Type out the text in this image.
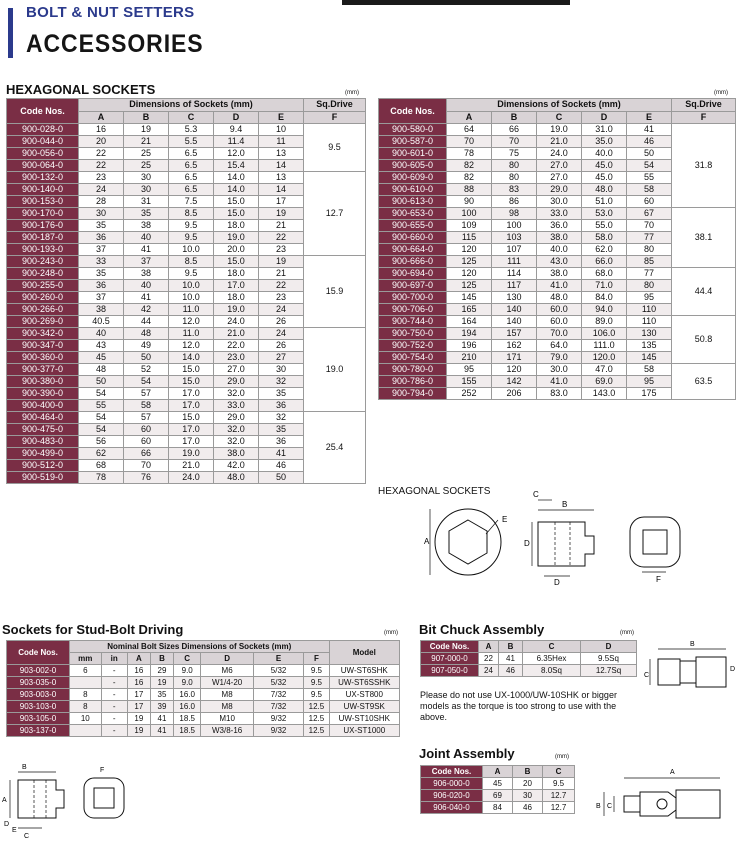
BOLT & NUT SETTERS
ACCESSORIES
HEXAGONAL SOCKETS	(mm)	(mm)
Code Nos.	Dimensions of Sockets (mm)					Sq.Drive
	A	B	C	D	E	F
900-028-0	16	19	5.3	9.4	10	9.5
900-044-0	20	21	5.5	11.4	11	
900-056-0	22	25	6.5	12.0	13	
900-064-0	22	25	6.5	15.4	14	
900-132-0	23	30	6.5	14.0	13	12.7
900-140-0	24	30	6.5	14.0	14	
900-153-0	28	31	7.5	15.0	17	
900-170-0	30	35	8.5	15.0	19	
900-176-0	35	38	9.5	18.0	21	
900-187-0	36	40	9.5	19.0	22	
900-193-0	37	41	10.0	20.0	23	
900-243-0	33	37	8.5	15.0	19	15.9
900-248-0	35	38	9.5	18.0	21	
900-255-0	36	40	10.0	17.0	22	
900-260-0	37	41	10.0	18.0	23	
900-266-0	38	42	11.0	19.0	24	
900-269-0	40.5	44	12.0	24.0	26	
900-342-0	40	48	11.0	21.0	24	19.0
900-347-0	43	49	12.0	22.0	26	
900-360-0	45	50	14.0	23.0	27	
900-377-0	48	52	15.0	27.0	30	
900-380-0	50	54	15.0	29.0	32	
900-390-0	54	57	17.0	32.0	35	
900-400-0	55	58	17.0	33.0	36	
900-464-0	54	57	15.0	29.0	32	25.4
900-475-0	54	60	17.0	32.0	35	
900-483-0	56	60	17.0	32.0	36	
900-499-0	62	66	19.0	38.0	41	
900-512-0	68	70	21.0	42.0	46	
900-519-0	78	76	24.0	48.0	50	
Code Nos.	Dimensions of Sockets (mm)					Sq.Drive
	A	B	C	D	E	F
900-580-0	64	66	19.0	31.0	41	31.8
900-587-0	70	70	21.0	35.0	46	
900-601-0	78	75	24.0	40.0	50	
900-605-0	82	80	27.0	45.0	54	
900-609-0	82	80	27.0	45.0	55	
900-610-0	88	83	29.0	48.0	58	
900-613-0	90	86	30.0	51.0	60	
900-653-0	100	98	33.0	53.0	67	38.1
900-655-0	109	100	36.0	55.0	70	
900-660-0	115	103	38.0	58.0	77	
900-664-0	120	107	40.0	62.0	80	
900-666-0	125	111	43.0	66.0	85	
900-694-0	120	114	38.0	68.0	77	44.4
900-697-0	125	117	41.0	71.0	80	
900-700-0	145	130	48.0	84.0	95	
900-706-0	165	140	60.0	94.0	110	
900-744-0	164	140	60.0	89.0	110	50.8
900-750-0	194	157	70.0	106.0	130	
900-752-0	196	162	64.0	111.0	135	
900-754-0	210	171	79.0	120.0	145	
900-780-0	95	120	30.0	47.0	58	63.5
900-786-0	155	142	41.0	69.0	95	
900-794-0	252	206	83.0	143.0	175	
HEXAGONAL SOCKETS
E
A
B
C
D
D	F
Sockets for Stud-Bolt Driving	(mm)
Code Nos.	Nominal Bolt Sizes Dimensions of Sockets (mm)								Model
	mm	in	A	B	C	D	E	F	
903-002-0	6	-	16	29	9.0	M6	5/32	9.5	UW-ST6SHK
903-035-0		-	16	19	9.0	W1/4-20	5/32	9.5	UW-ST6SSHK
903-003-0	8	-	17	35	16.0	M8	7/32	9.5	UX-ST800
903-103-0	8	-	17	39	16.0	M8	7/32	12.5	UW-ST9SK
903-105-0	10	-	19	41	18.5	M10	9/32	12.5	UW-ST10SHK
903-137-0		-	19	41	18.5	W3/8-16	9/32	12.5	UX-ST1000
B
A
C
D
E
F
Bit Chuck Assembly	(mm)
Code Nos.	A	B	C	D
907-000-0	22	41	6.35Hex	9.5Sq
907-050-0	24	46	8.0Sq	12.7Sq
Please do not use UX-1000/UW-10SHK or bigger models as the torque is too strong to use with the above.
B
C
D
Joint Assembly	(mm)
Code Nos.	A	B	C
906-000-0	45	20	9.5
906-020-0	69	30	12.7
906-040-0	84	46	12.7
A
B C
